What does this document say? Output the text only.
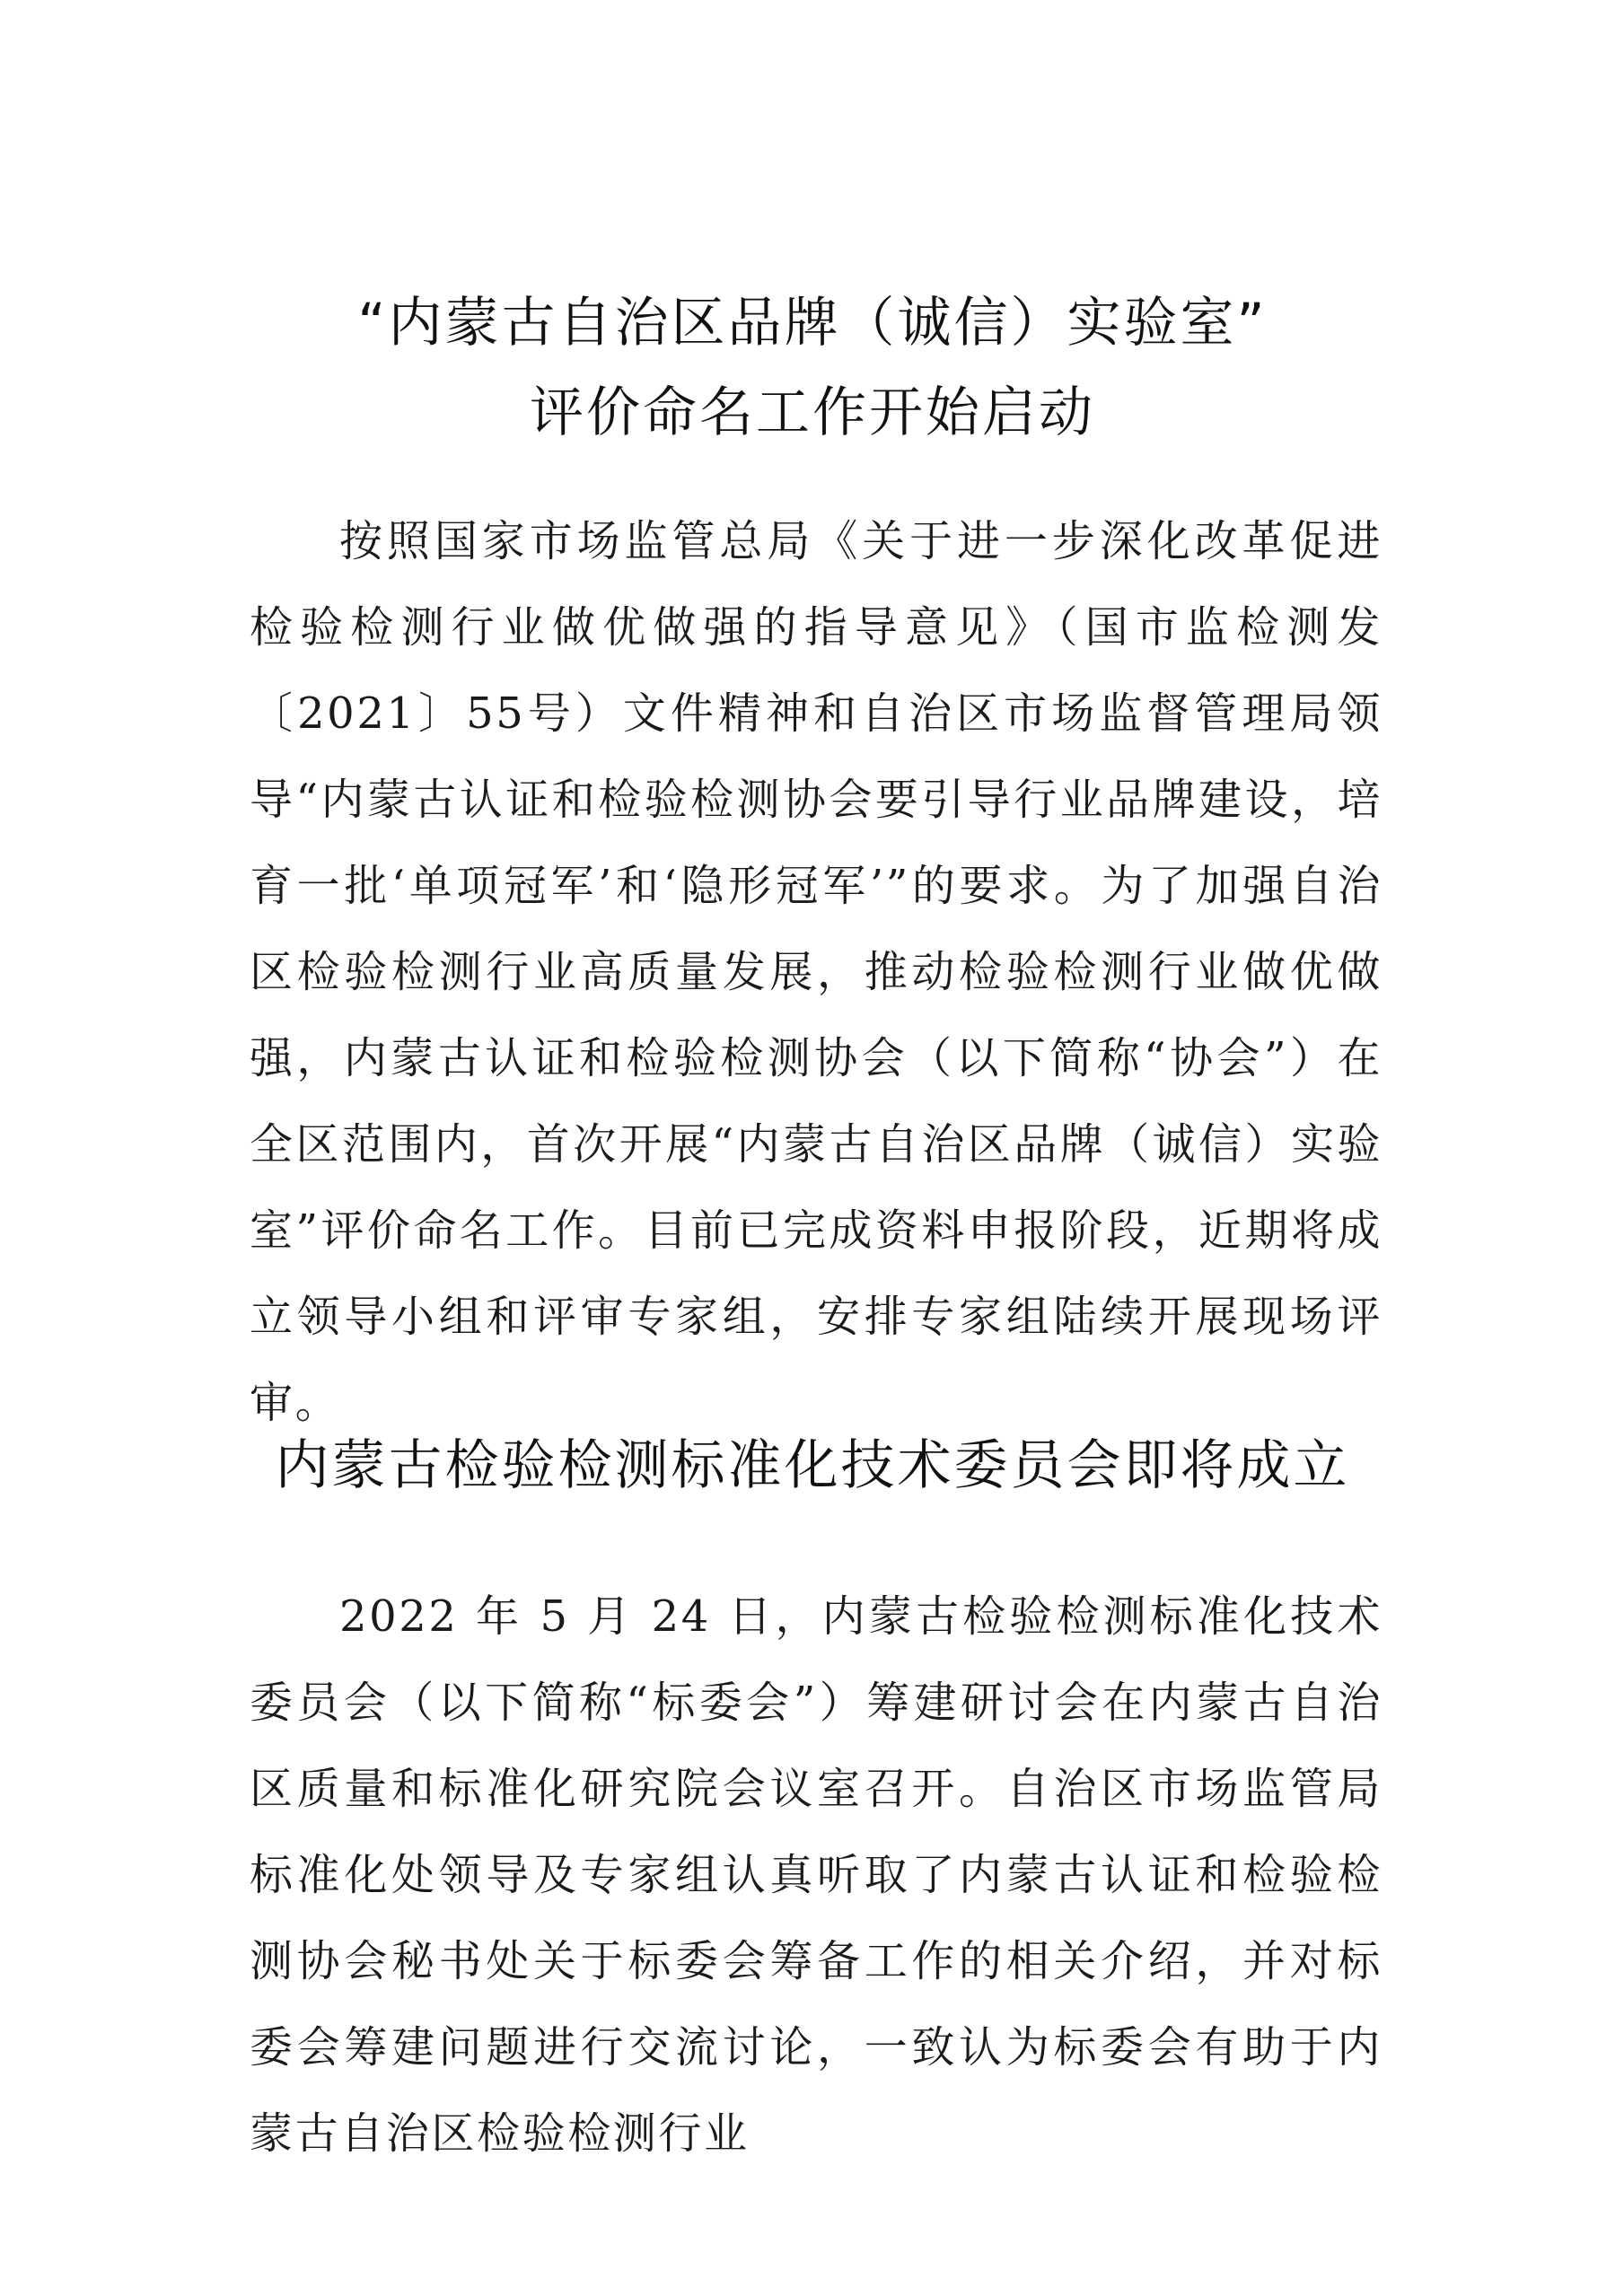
“内蒙古自治区品牌（诚信）实验室”
评价命名工作开始启动

按照国家市场监管总局《关于进一步深化改革促进检验检测行业做优做强的指导意见》（国市监检测发〔2021〕55号）文件精神和自治区市场监督管理局领导“内蒙古认证和检验检测协会要引导行业品牌建设，培育一批‘单项冠军’和‘隐形冠军’”的要求。为了加强自治区检验检测行业高质量发展，推动检验检测行业做优做强，内蒙古认证和检验检测协会（以下简称“协会”）在全区范围内，首次开展“内蒙古自治区品牌（诚信）实验室”评价命名工作。目前已完成资料申报阶段，近期将成立领导小组和评审专家组，安排专家组陆续开展现场评审。

内蒙古检验检测标准化技术委员会即将成立

2022 年 5 月 24 日，内蒙古检验检测标准化技术委员会（以下简称“标委会”）筹建研讨会在内蒙古自治区质量和标准化研究院会议室召开。自治区市场监管局标准化处领导及专家组认真听取了内蒙古认证和检验检测协会秘书处关于标委会筹备工作的相关介绍，并对标委会筹建问题进行交流讨论，一致认为标委会有助于内蒙古自治区检验检测行业
